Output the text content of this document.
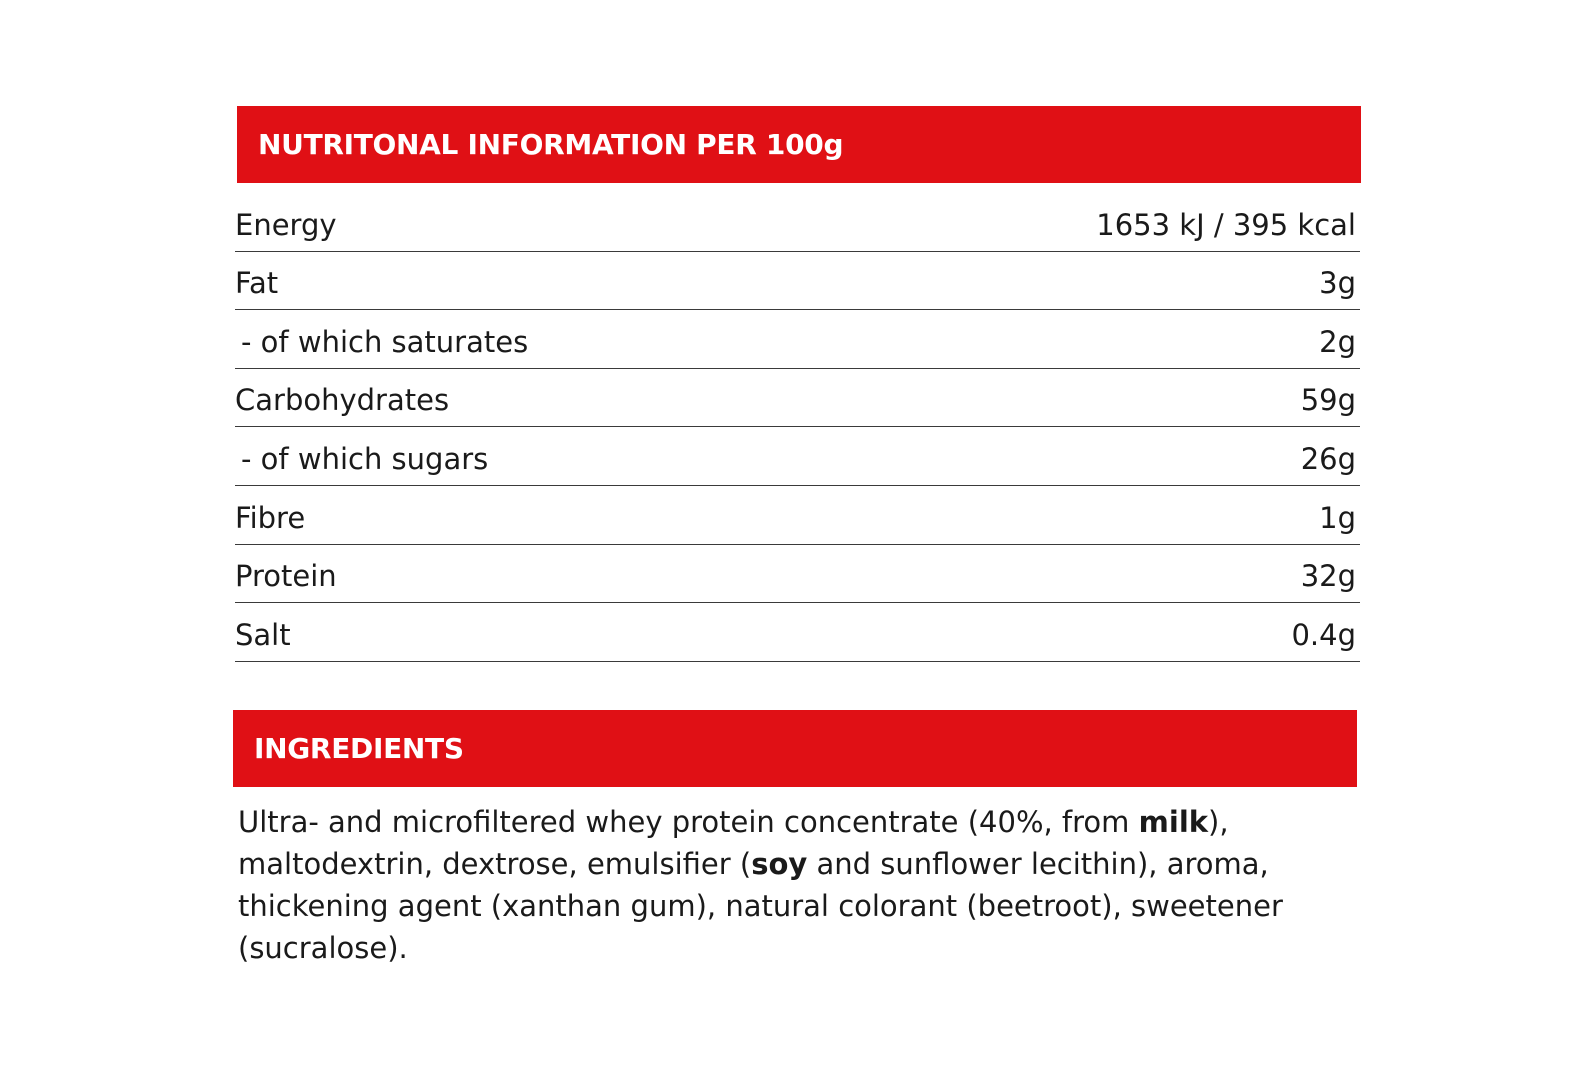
NUTRITONAL INFORMATION PER 100g
Energy	1653 kJ / 395 kcal
Fat	3g
- of which saturates	2g
Carbohydrates	59g
- of which sugars	26g
Fibre	1g
Protein	32g
Salt	0.4g
INGREDIENTS
Ultra- and microfiltered whey protein concentrate (40%, from milk), maltodextrin, dextrose, emulsifier (soy and sunflower lecithin), aroma, thickening agent (xanthan gum), natural colorant (beetroot), sweetener (sucralose).
